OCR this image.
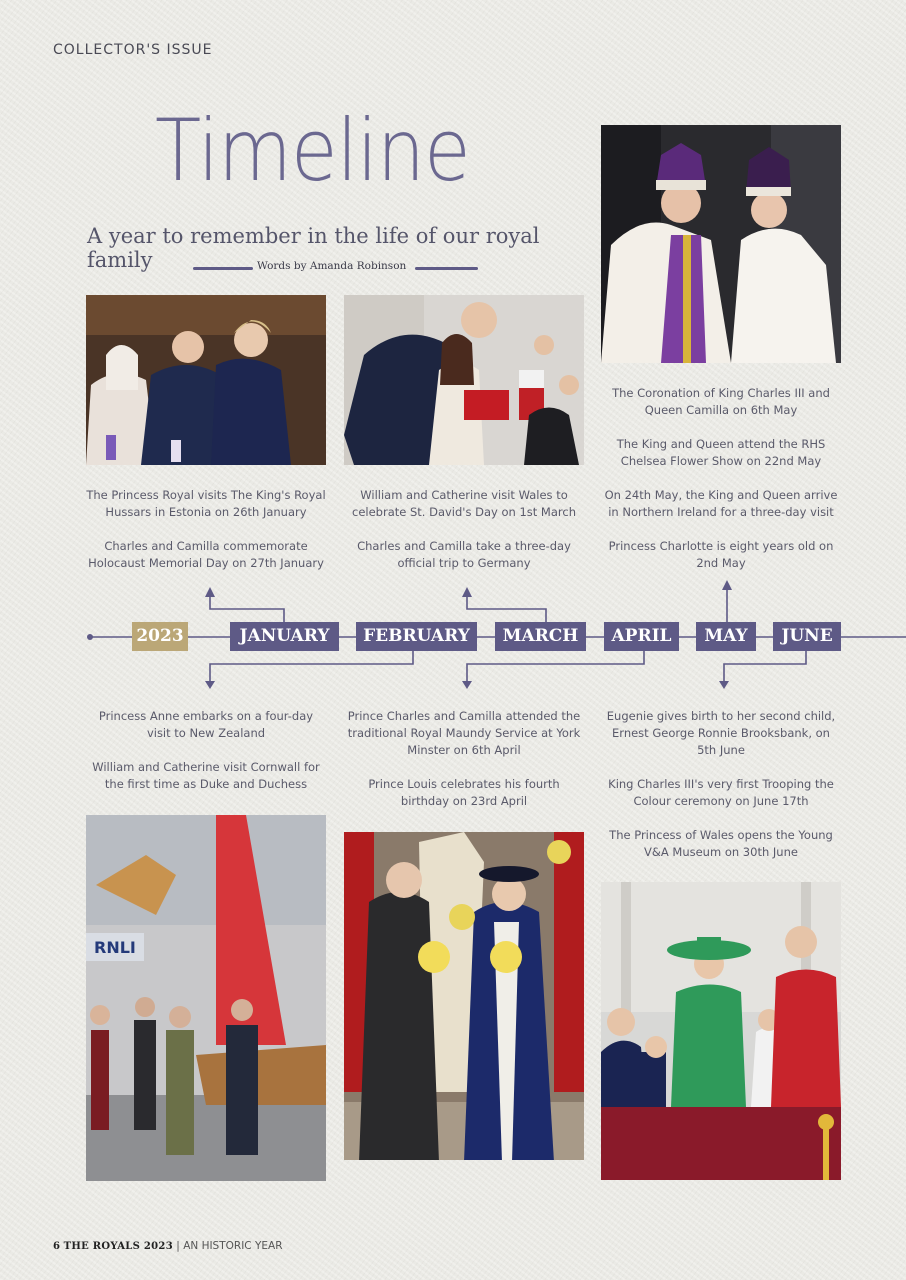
COLLECTOR'S ISSUE
Timeline
A year to remember in the life of our royal family	Words by Amanda Robinson
RNLI

The Princess Royal visits The King's Royal Hussars in Estonia on 26th January

Charles and Camilla commemorate Holocaust Memorial Day on 27th January

William and Catherine visit Wales to celebrate St. David's Day on 1st March

Charles and Camilla take a three-day official trip to Germany

The Coronation of King Charles III and Queen Camilla on 6th May

The King and Queen attend the RHS Chelsea Flower Show on 22nd May

On 24th May, the King and Queen arrive in Northern Ireland for a three-day visit

Princess Charlotte is eight years old on 2nd May

2023	JANUARY	FEBRUARY	MARCH	APRIL	MAY	JUNE

Princess Anne embarks on a four-day visit to New Zealand

William and Catherine visit Cornwall for the first time as Duke and Duchess

Prince Charles and Camilla attended the traditional Royal Maundy Service at York Minster on 6th April

Prince Louis celebrates his fourth birthday on 23rd April

Eugenie gives birth to her second child, Ernest George Ronnie Brooksbank, on 5th June

King Charles III's very first Trooping the Colour ceremony on June 17th

The Princess of Wales opens the Young V&A Museum on 30th June

6 THE ROYALS 2023 | AN HISTORIC YEAR
